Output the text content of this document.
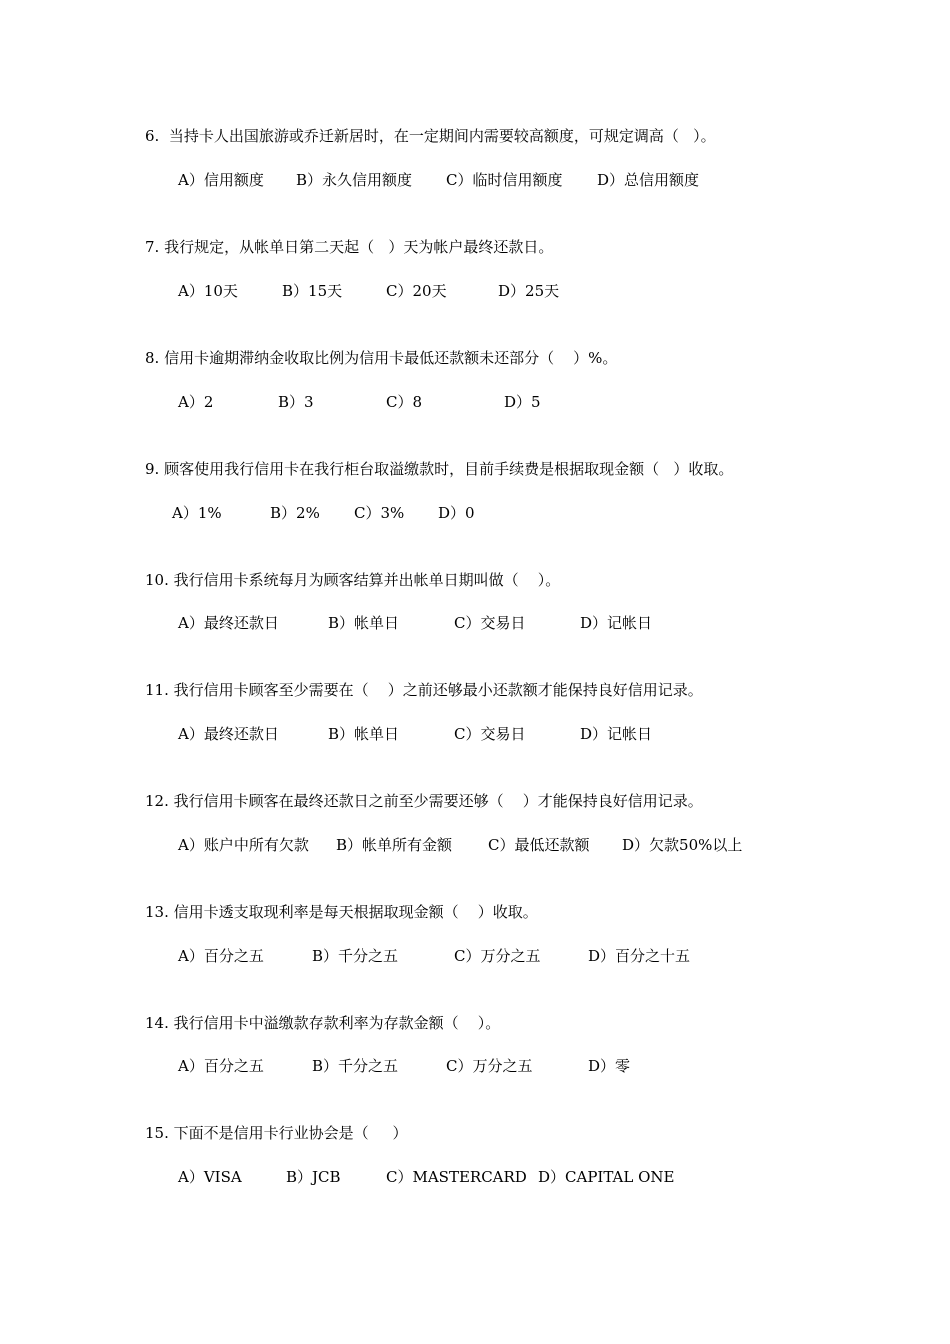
6.  当持卡人出国旅游或乔迁新居时，在一定期间内需要较高额度，可规定调高（   ）。

A）信用额度

B）永久信用额度

C）临时信用额度

D）总信用额度

7. 我行规定，从帐单日第二天起（   ）天为帐户最终还款日。

A）10天

	B）15天

	C）20天

	D）25天

8. 信用卡逾期滞纳金收取比例为信用卡最低还款额未还部分（    ）%。

A）2

	B）3

	C）8

	D）5

9. 顾客使用我行信用卡在我行柜台取溢缴款时，目前手续费是根据取现金额（   ）收取。

A）1%

	B）2%

C）3%

D）0

10. 我行信用卡系统每月为顾客结算并出帐单日期叫做（    ）。

A）最终还款日

	B）帐单日

	C）交易日

	D）记帐日

11. 我行信用卡顾客至少需要在（    ）之前还够最小还款额才能保持良好信用记录。

A）最终还款日

	B）帐单日

	C）交易日

	D）记帐日

12. 我行信用卡顾客在最终还款日之前至少需要还够（    ）才能保持良好信用记录。

A）账户中所有欠款

B）帐单所有金额

C）最低还款额

D）欠款50%以上

13. 信用卡透支取现利率是每天根据取现金额（    ）收取。

A）百分之五

	B）千分之五

	C）万分之五

	D）百分之十五

14. 我行信用卡中溢缴款存款利率为存款金额（    ）。

A）百分之五

	B）千分之五

	C）万分之五

	D）零

15. 下面不是信用卡行业协会是（     ）

A）VISA

	B）JCB

	C）MASTERCARD

D）CAPITAL ONE
